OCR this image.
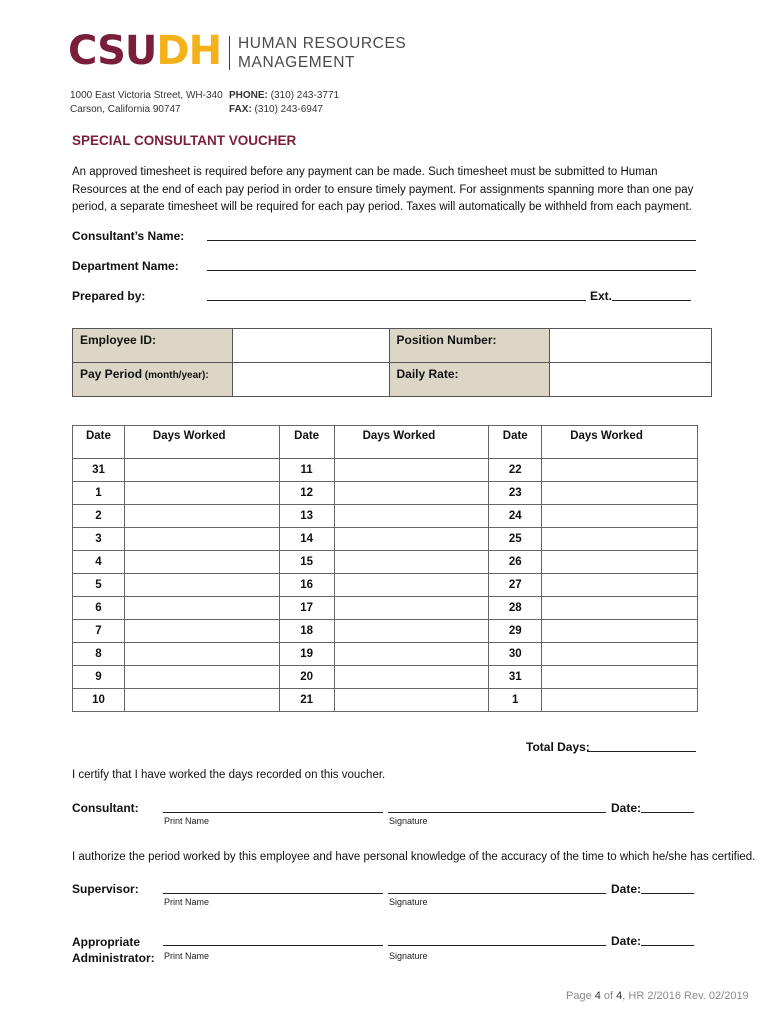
CSUDH HUMAN RESOURCES
MANAGEMENT
1000 East Victoria Street, WH-340
Carson, California 90747
PHONE: (310) 243-3771
FAX: (310) 243-6947
SPECIAL CONSULTANT VOUCHER
An approved timesheet is required before any payment can be made. Such timesheet must be submitted to Human Resources at the end of each pay period in order to ensure timely payment. For assignments spanning more than one pay period, a separate timesheet will be required for each pay period. Taxes will automatically be withheld from each payment.
Consultant’s Name:
Department Name:
Prepared by:	Ext.
Employee ID:		Position Number:	
Pay Period (month/year):		Daily Rate:	
Date	Days Worked	Date	Days Worked	Date	Days Worked
31		11		22	
1		12		23	
2		13		24	
3		14		25	
4		15		26	
5		16		27	
6		17		28	
7		18		29	
8		19		30	
9		20		31	
10		21		1	
Total Days:
I certify that I have worked the days recorded on this voucher.
Consultant:	Date:
Print Name	Signature
I authorize the period worked by this employee and have personal knowledge of the accuracy of the time to which he/she has certified.
Supervisor:	Date:
Print Name	Signature
Appropriate
Administrator:
Date:
Print Name	Signature
Page 4 of 4, HR 2/2016 Rev. 02/2019
